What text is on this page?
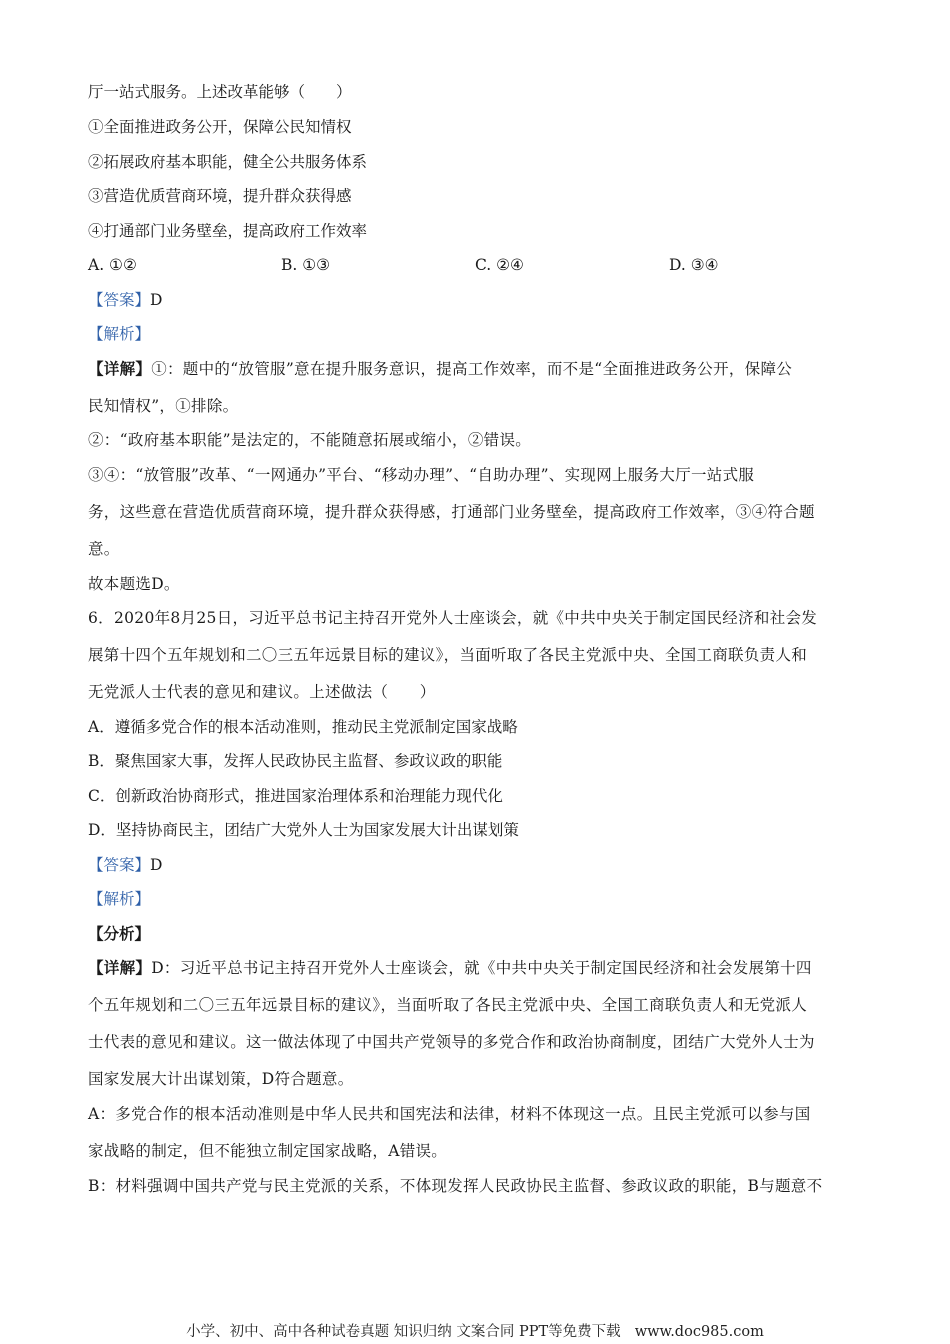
厅一站式服务。上述改革能够（　　）
①全面推进政务公开，保障公民知情权
②拓展政府基本职能，健全公共服务体系
③营造优质营商环境，提升群众获得感
④打通部门业务壁垒，提高政府工作效率
A. ①②	B. ①③	C. ②④	D. ③④
【答案】D
【解析】
【详解】①：题中的“放管服”意在提升服务意识，提高工作效率，而不是“全面推进政务公开，保障公
民知情权”，①排除。
②：“政府基本职能”是法定的，不能随意拓展或缩小，②错误。
③④：“放管服”改革、“一网通办”平台、“移动办理”、“自助办理”、实现网上服务大厅一站式服
务，这些意在营造优质营商环境，提升群众获得感，打通部门业务壁垒，提高政府工作效率，③④符合题
意。
故本题选D。
6．2020年8月25日，习近平总书记主持召开党外人士座谈会，就《中共中央关于制定国民经济和社会发
展第十四个五年规划和二〇三五年远景目标的建议》，当面听取了各民主党派中央、全国工商联负责人和
无党派人士代表的意见和建议。上述做法（　　）
A．遵循多党合作的根本活动准则，推动民主党派制定国家战略
B．聚焦国家大事，发挥人民政协民主监督、参政议政的职能
C．创新政治协商形式，推进国家治理体系和治理能力现代化
D．坚持协商民主，团结广大党外人士为国家发展大计出谋划策
【答案】D
【解析】
【分析】
【详解】D：习近平总书记主持召开党外人士座谈会，就《中共中央关于制定国民经济和社会发展第十四
个五年规划和二〇三五年远景目标的建议》，当面听取了各民主党派中央、全国工商联负责人和无党派人
士代表的意见和建议。这一做法体现了中国共产党领导的多党合作和政治协商制度，团结广大党外人士为
国家发展大计出谋划策，D符合题意。
A：多党合作的根本活动准则是中华人民共和国宪法和法律，材料不体现这一点。且民主党派可以参与国
家战略的制定，但不能独立制定国家战略，A错误。
B：材料强调中国共产党与民主党派的关系，不体现发挥人民政协民主监督、参政议政的职能，B与题意不
小学、初中、高中各种试卷真题 知识归纳 文案合同 PPT等免费下载 www.doc985.com
